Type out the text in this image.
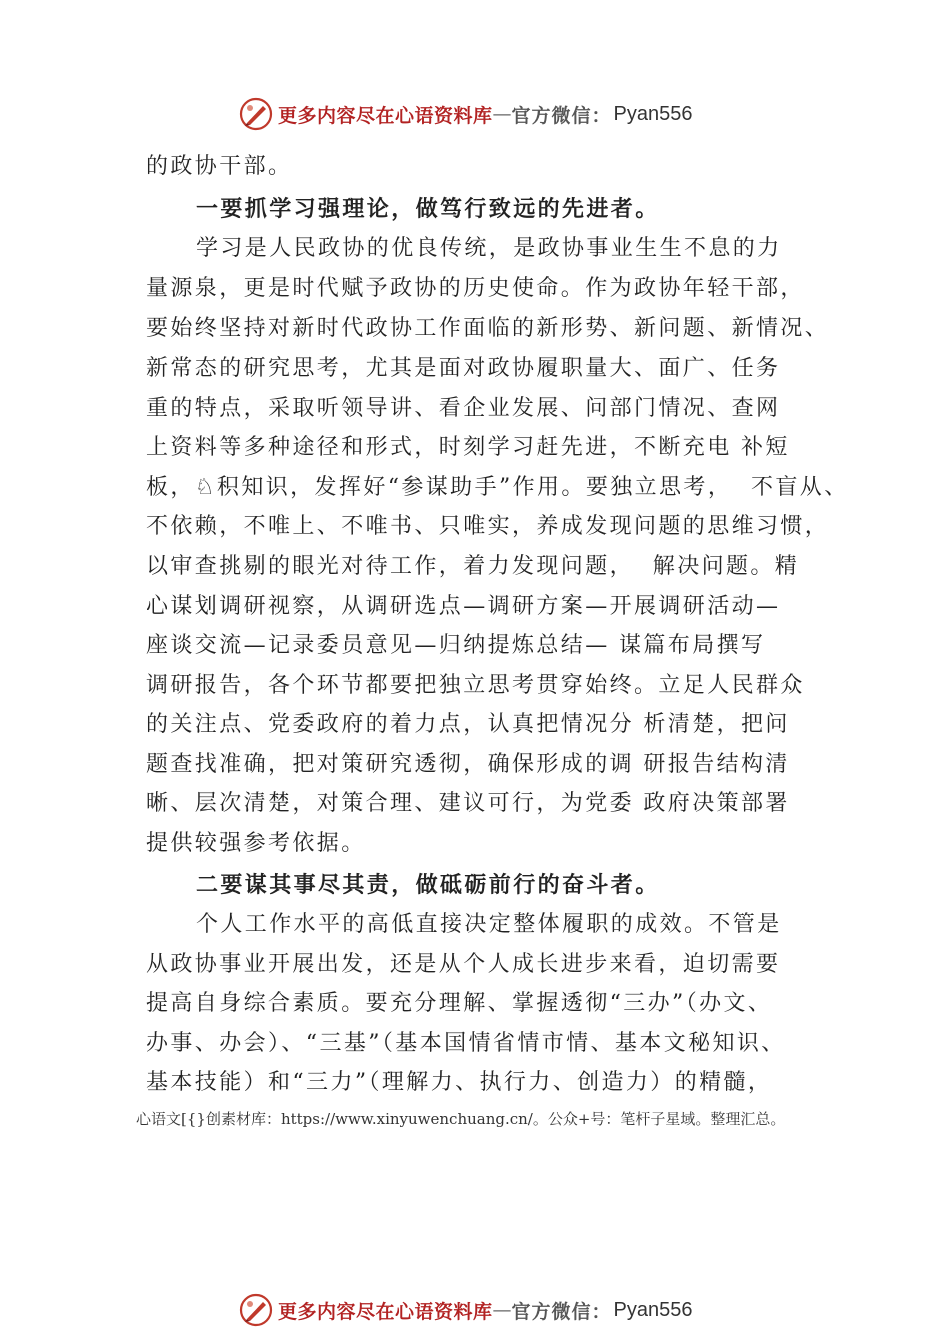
更多内容尽在心语资料库 — 官方微信： Pyan556
的政协干部。
一要抓学习强理论，做笃行致远的先进者。
学习是人民政协的优良传统，是政协事业生生不息的力
量源泉，更是时代赋予政协的历史使命。作为政协年轻干部，
要始终坚持对新时代政协工作面临的新形势、新问题、新情况、
新常态的研究思考，尤其是面对政协履职量大、面广、任务
重的特点，采取听领导讲、看企业发展、问部门情况、查网
上资料等多种途径和形式，时刻学习赶先进，不断充电 补短
板，♘积知识，发挥好“参谋助手”作用。要独立思考，  不盲从、
不依赖，不唯上、不唯书、只唯实，养成发现问题的思维习惯，
以审查挑剔的眼光对待工作，着力发现问题，  解决问题。精
心谋划调研视察，从调研选点—调研方案—开展调研活动—
座谈交流—记录委员意见—归纳提炼总结— 谋篇布局撰写
调研报告，各个环节都要把独立思考贯穿始终。立足人民群众
的关注点、党委政府的着力点，认真把情况分 析清楚，把问
题查找准确，把对策研究透彻，确保形成的调 研报告结构清
晰、层次清楚，对策合理、建议可行，为党委 政府决策部署
提供较强参考依据。
二要谋其事尽其责，做砥砺前行的奋斗者。
个人工作水平的高低直接决定整体履职的成效。不管是
从政协事业开展出发，还是从个人成长进步来看，迫切需要
提高自身综合素质。要充分理解、掌握透彻“三办”（办文、
办事、办会）、“三基”（基本国情省情市情、基本文秘知识、
基本技能）和“三力”（理解力、执行力、创造力）的精髓，
心语文[{}创素材库：https://www.xinyuwenchuang.cn/。公众+号：笔杆子星域。整理汇总。
更多内容尽在心语资料库 — 官方微信： Pyan556
